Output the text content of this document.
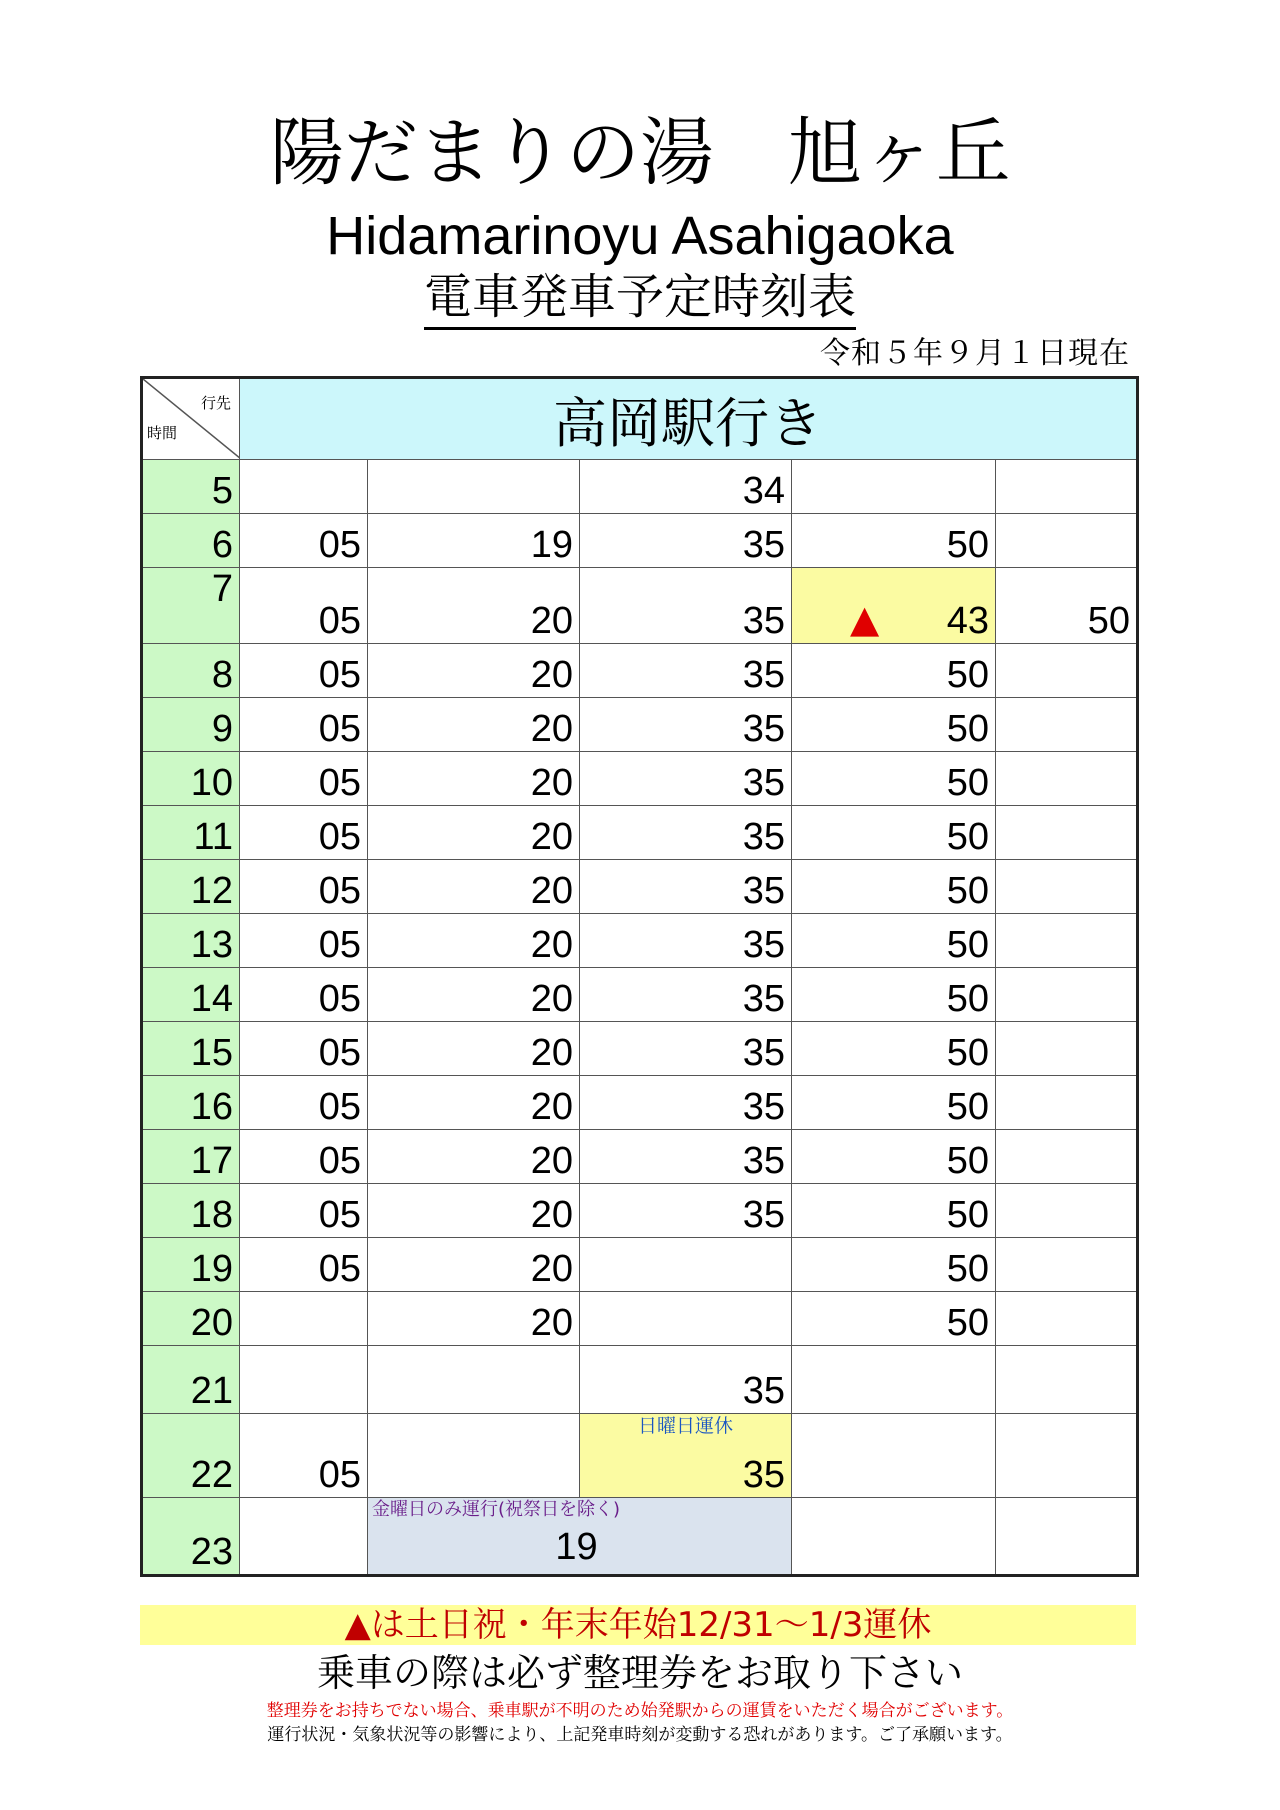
陽だまりの湯　旭ヶ丘
Hidamarinoyu Asahigaoka
電車発車予定時刻表
令和５年９月１日現在
行先
時間	高岡駅行き				
5			34		
6	05	19	35	50	
7	05	20	35	▲ 43	50
8	05	20	35	50	
9	05	20	35	50	
10	05	20	35	50	
11	05	20	35	50	
12	05	20	35	50	
13	05	20	35	50	
14	05	20	35	50	
15	05	20	35	50	
16	05	20	35	50	
17	05	20	35	50	
18	05	20	35	50	
19	05	20		50	
20		20		50	
21			35		
22	05		日曜日運休
35		
23		金曜日のみ運行(祝祭日を除く)
19			

▲は土日祝・年末年始12/31～1/3運休
乗車の際は必ず整理券をお取り下さい
整理券をお持ちでない場合、乗車駅が不明のため始発駅からの運賃をいただく場合がございます。
運行状況・気象状況等の影響により、上記発車時刻が変動する恐れがあります。ご了承願います。
